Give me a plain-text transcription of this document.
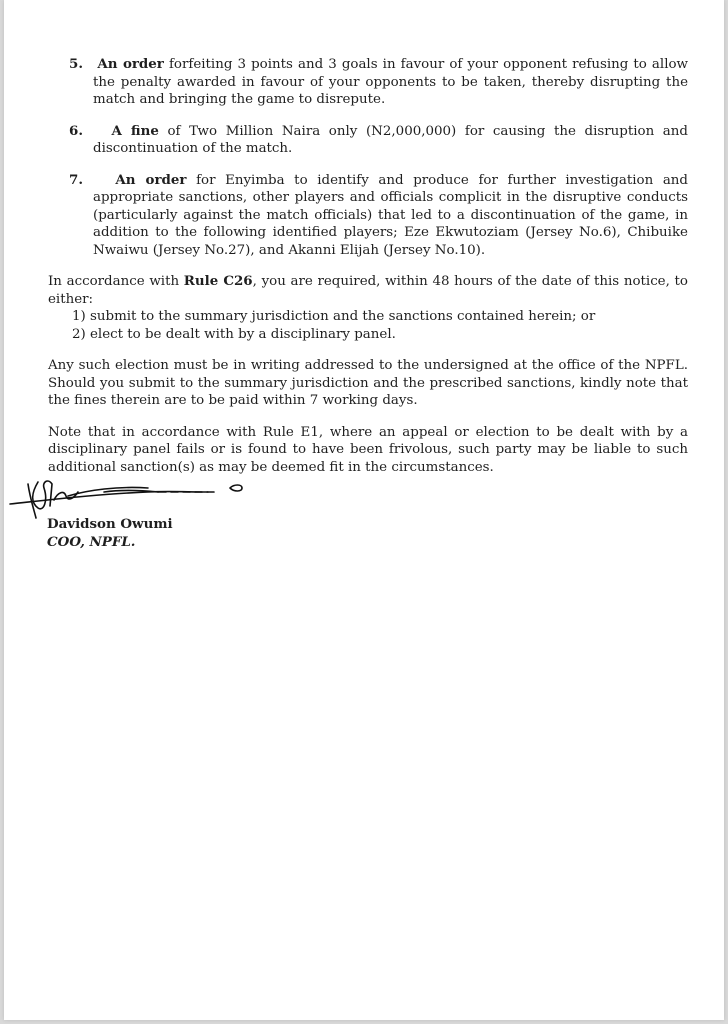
5.	An order forfeiting 3 points and 3 goals in favour of your opponent refusing to allow the penalty awarded in favour of your opponents to be taken, thereby disrupting the match and bringing the game to disrepute.
6.	A fine of Two Million Naira only (N2,000,000) for causing the disruption and discontinuation of the match.
7.	An order for Enyimba to identify and produce for further investigation and appropriate sanctions, other players and officials complicit in the disruptive conducts (particularly against the match officials) that led to a discontinuation of the game, in addition to the following identified players; Eze Ekwutoziam (Jersey No.6), Chibuike Nwaiwu (Jersey No.27), and Akanni Elijah (Jersey No.10).

In accordance with Rule C26, you are required, within 48 hours of the date of this notice, to either:

1) submit to the summary jurisdiction and the sanctions contained herein; or
2) elect to be dealt with by a disciplinary panel.

Any such election must be in writing addressed to the undersigned at the office of the NPFL. Should you submit to the summary jurisdiction and the prescribed sanctions, kindly note that the fines therein are to be paid within 7 working days.

Note that in accordance with Rule E1, where an appeal or election to be dealt with by a disciplinary panel fails or is found to have been frivolous, such party may be liable to such additional sanction(s) as may be deemed fit in the circumstances.

Davidson Owumi
COO, NPFL.
